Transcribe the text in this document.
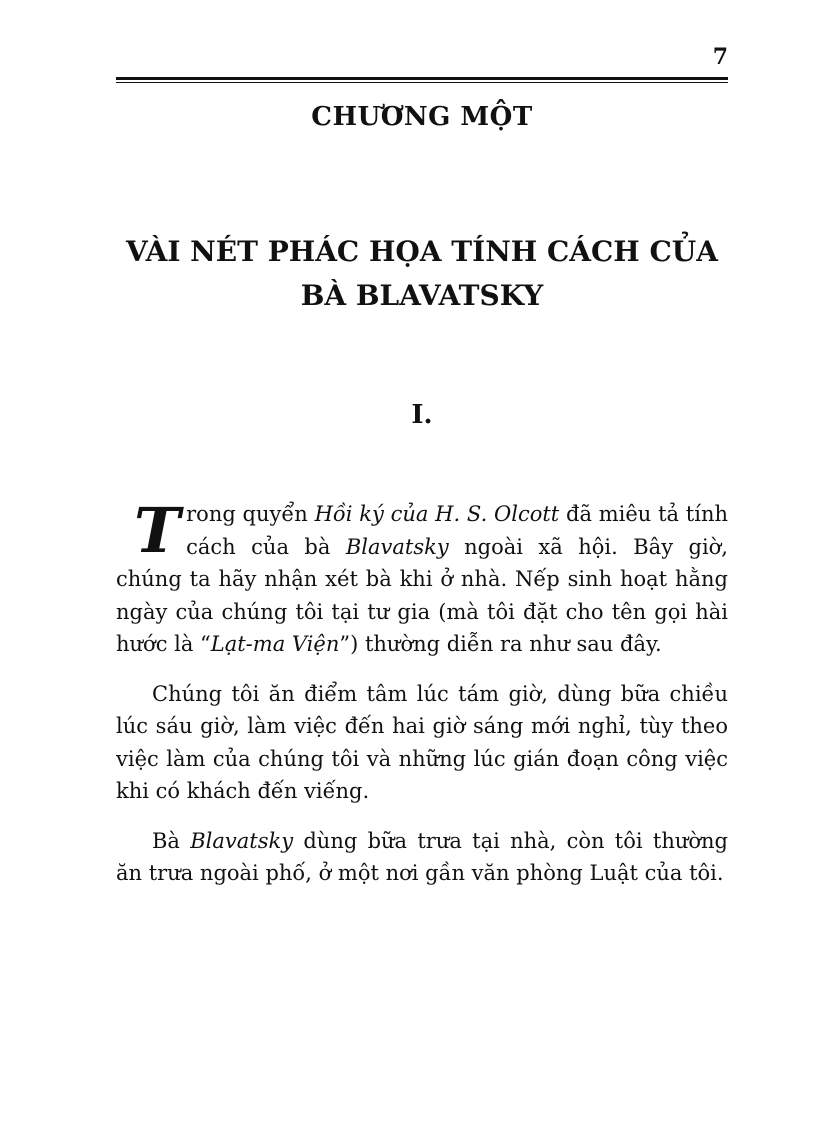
7
CHƯƠNG MỘT
VÀI NÉT PHÁC HỌA TÍNH CÁCH CỦA
BÀ BLAVATSKY
I.

Trong quyển Hồi ký của H. S. Olcott đã miêu tả tính cách của bà Blavatsky ngoài xã hội. Bây giờ, chúng ta hãy nhận xét bà khi ở nhà. Nếp sinh hoạt hằng ngày của chúng tôi tại tư gia (mà tôi đặt cho tên gọi hài hước là “Lạt-ma Viện”) thường diễn ra như sau đây.

Chúng tôi ăn điểm tâm lúc tám giờ, dùng bữa chiều lúc sáu giờ, làm việc đến hai giờ sáng mới nghỉ, tùy theo việc làm của chúng tôi và những lúc gián đoạn công việc khi có khách đến viếng.

Bà Blavatsky dùng bữa trưa tại nhà, còn tôi thường ăn trưa ngoài phố, ở một nơi gần văn phòng Luật của tôi.
